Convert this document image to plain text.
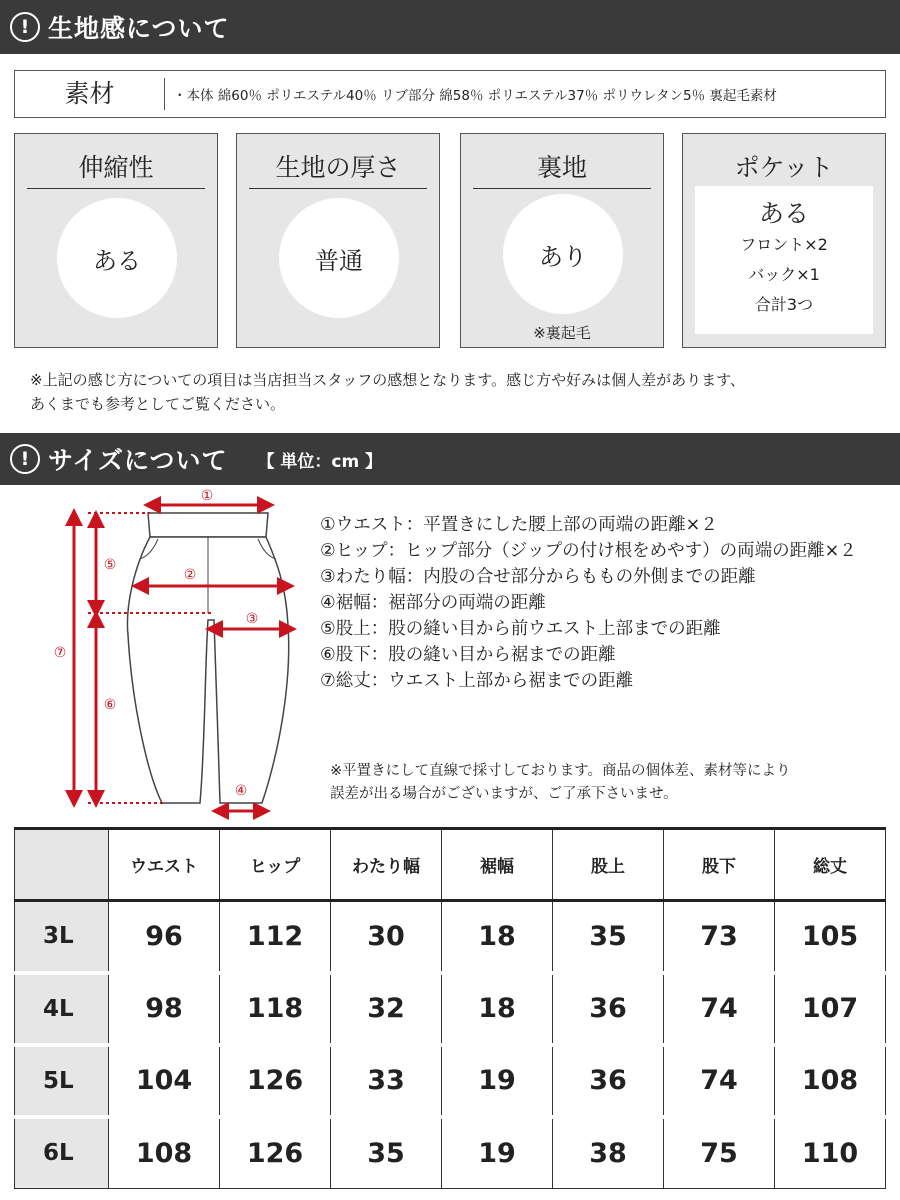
! 生地感について
素材	・本体 綿60％ ポリエステル40％ リブ部分 綿58％ ポリエステル37％ ポリウレタン5％ 裏起毛素材
伸縮性
ある
生地の厚さ
普通
裏地
あり
※裏起毛
ポケット
ある
フロント×2
バック×1
合計3つ
※上記の感じ方についての項目は当店担当スタッフの感想となります。感じ方や好みは個人差があります、
あくまでも参考としてご覧ください。
! サイズについて 【 単位：cm 】
①
②
③
④
⑤
⑥
⑦
①ウエスト：平置きにした腰上部の両端の距離×２
②ヒップ：ヒップ部分（ジップの付け根をめやす）の両端の距離×２
③わたり幅：内股の合せ部分からももの外側までの距離
④裾幅：裾部分の両端の距離
⑤股上：股の縫い目から前ウエスト上部までの距離
⑥股下：股の縫い目から裾までの距離
⑦総丈：ウエスト上部から裾までの距離
※平置きにして直線で採寸しております。商品の個体差、素材等により
誤差が出る場合がございますが、ご了承下さいませ。
	ウエスト	ヒップ	わたり幅	裾幅	股上	股下	総丈
3L	96	112	30	18	35	73	105
4L	98	118	32	18	36	74	107
5L	104	126	33	19	36	74	108
6L	108	126	35	19	38	75	110
